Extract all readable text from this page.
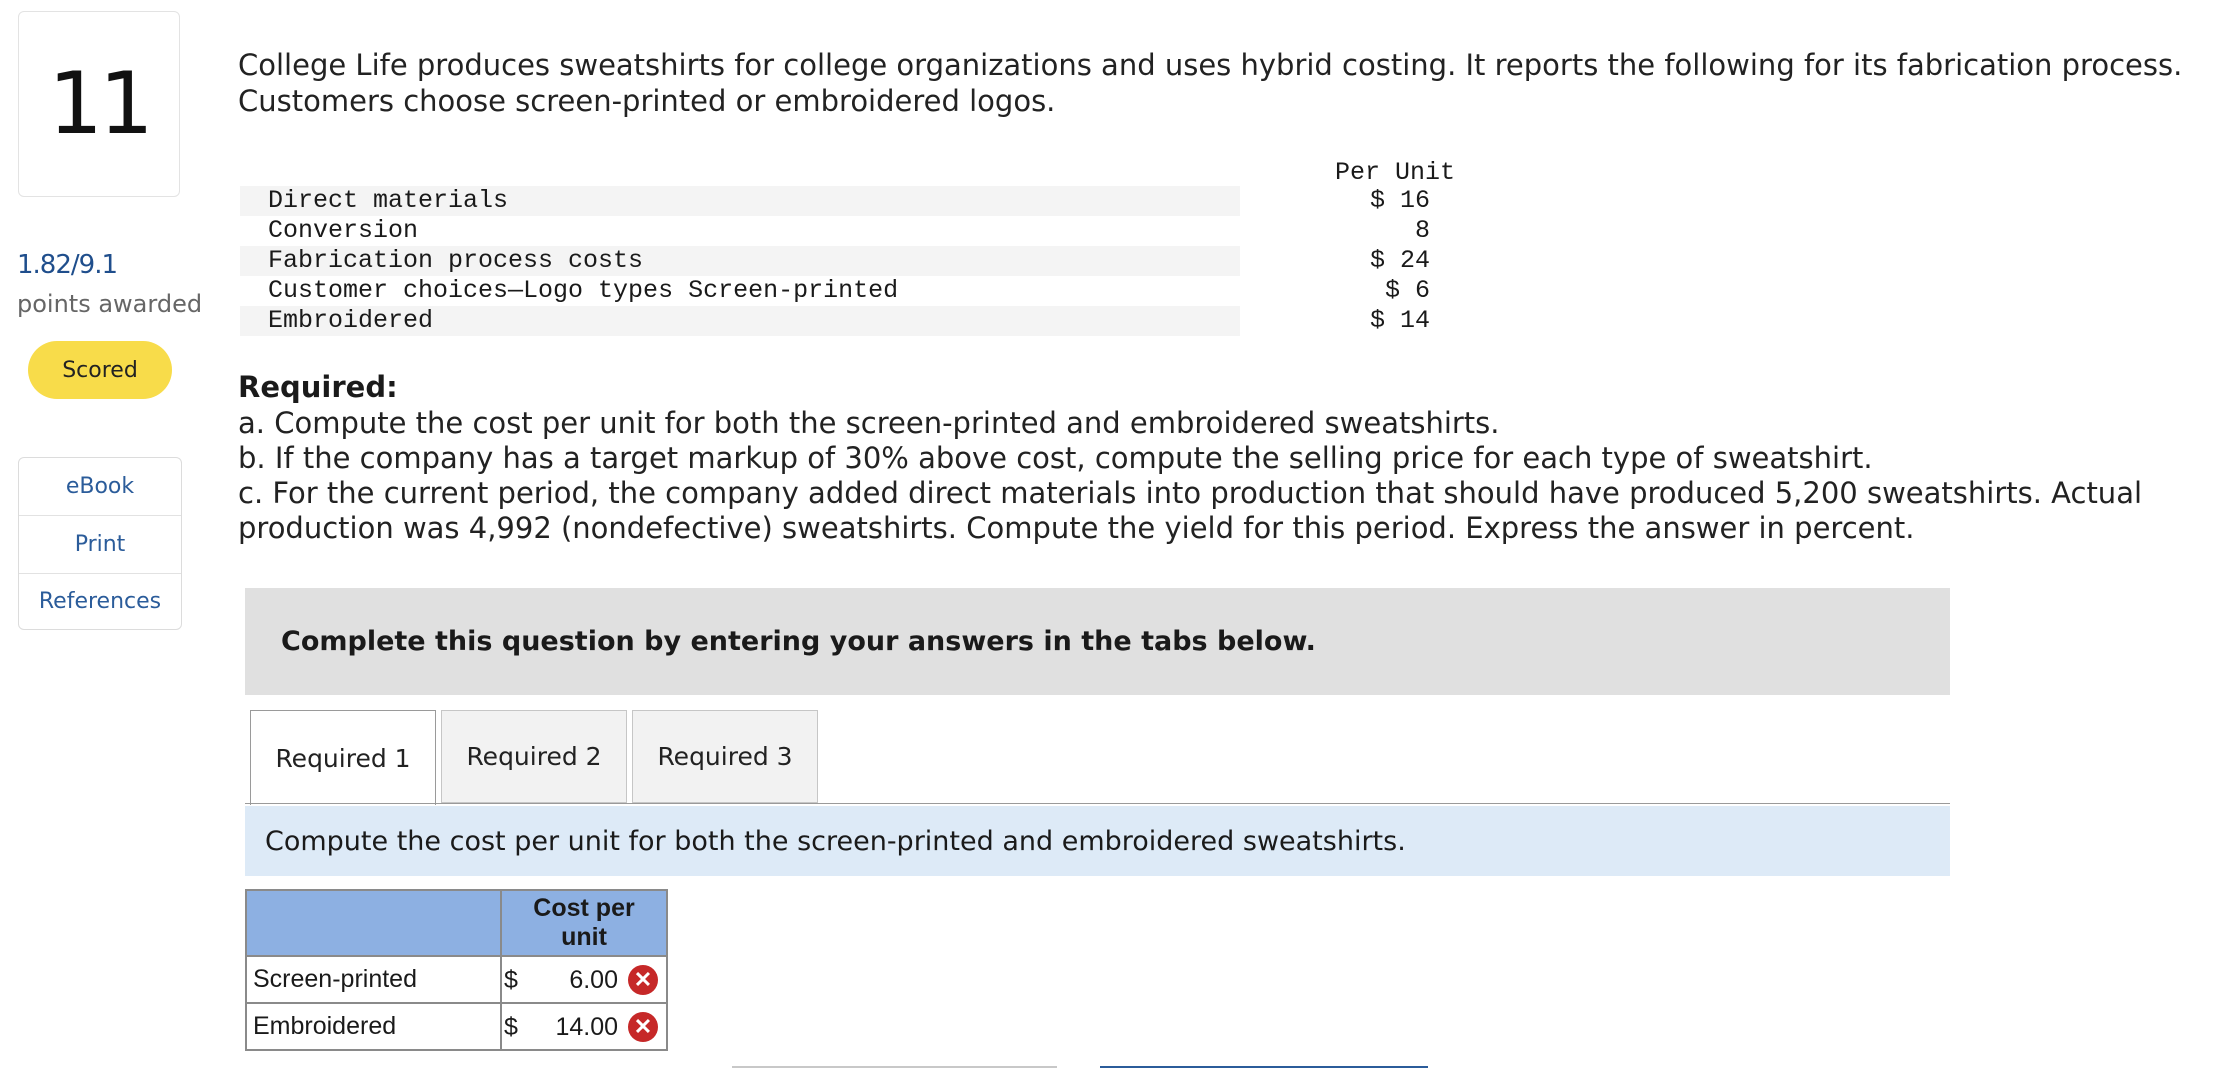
11
1.82/9.1
points awarded
Scored
eBook
Print
References
College Life produces sweatshirts for college organizations and uses hybrid costing. It reports the following for its fabrication process. Customers choose screen-printed or embroidered logos.
Per Unit
Direct materials	$ 16
Conversion	8
Fabrication process costs	$ 24
Customer choices—Logo types Screen-printed	$ 6
Embroidered	$ 14
Required:

a. Compute the cost per unit for both the screen-printed and embroidered sweatshirts.

b. If the company has a target markup of 30% above cost, compute the selling price for each type of sweatshirt.

c. For the current period, the company added direct materials into production that should have produced 5,200 sweatshirts. Actual production was 4,992 (nondefective) sweatshirts. Compute the yield for this period. Express the answer in percent.

Complete this question by entering your answers in the tabs below.
Required 1	Required 2	Required 3
Compute the cost per unit for both the screen-printed and embroidered sweatshirts.

	Cost per unit

Screen-printed	$ 6.00 ✕

Embroidered	$ 14.00 ✕
